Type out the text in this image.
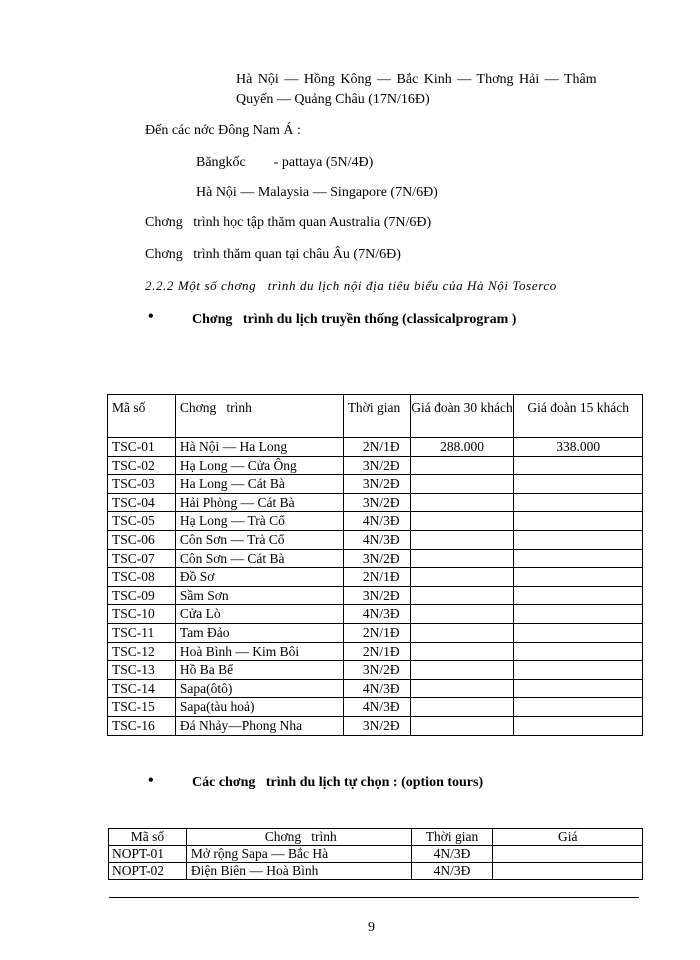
Hà Nội — Hồng Kông — Bắc Kinh — Thơng Hải — Thâm
Quyến — Quảng Châu (17N/16Đ)
Đến các nớc Đông Nam Á :
Băngkốc        - pattaya (5N/4Đ)
Hà Nội — Malaysia — Singapore (7N/6Đ)
Chơng   trình học tập thăm quan Australia (7N/6Đ)
Chơng   trình thăm quan tại châu Âu (7N/6Đ)
2.2.2 Một số chơng   trình du lịch nội địa tiêu biểu của Hà Nội Toserco
•	Chơng   trình du lịch truyền thống (classicalprogram )
Mã số	Chơng   trình	Thời gian	Giá đoàn 30 khách	Giá đoàn 15 khách
TSC-01	Hà Nội — Ha Long	2N/1Đ	288.000	338.000
TSC-02	Hạ Long — Cửa Ông	3N/2Đ		
TSC-03	Ha Long — Cát Bà	3N/2Đ		
TSC-04	Hải Phòng — Cát Bà	3N/2Đ		
TSC-05	Hạ Long — Trà Cổ	4N/3Đ		
TSC-06	Côn Sơn — Trà Cổ	4N/3Đ		
TSC-07	Côn Sơn — Cát Bà	3N/2Đ		
TSC-08	Đồ Sơ	2N/1Đ		
TSC-09	Sầm Sơn	3N/2Đ		
TSC-10	Cửa Lò	4N/3Đ		
TSC-11	Tam Đảo	2N/1Đ		
TSC-12	Hoà Bình — Kim Bôi	2N/1Đ		
TSC-13	Hồ Ba Bể	3N/2Đ		
TSC-14	Sapa(ôtô)	4N/3Đ		
TSC-15	Sapa(tàu hoả)	4N/3Đ		
TSC-16	Đá Nhảy—Phong Nha	3N/2Đ		
•	Các chơng   trình du lịch tự chọn : (option tours)
Mã số	Chơng   trình	Thời gian	Giá
NOPT-01	Mở rộng Sapa — Bắc Hà	4N/3Đ	
NOPT-02	Điện Biên — Hoà Bình	4N/3Đ	
9
